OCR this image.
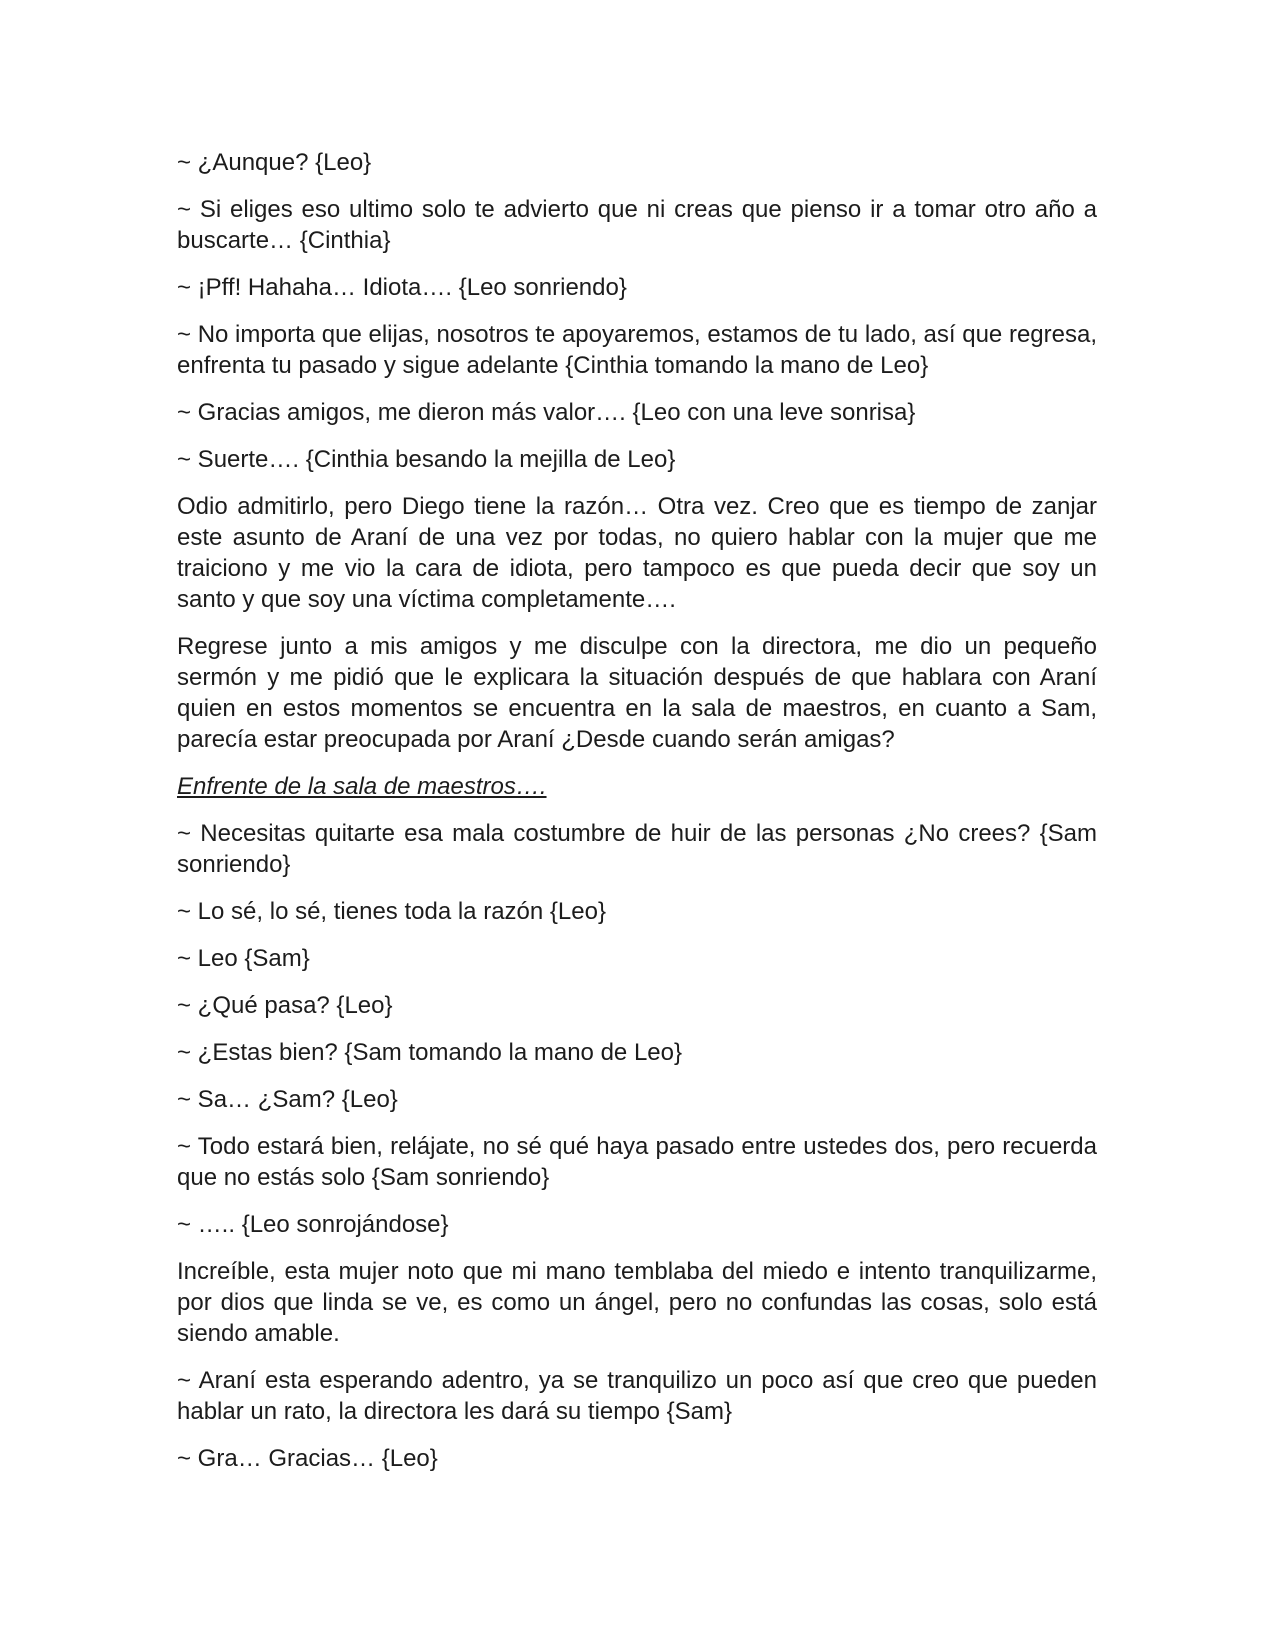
~ ¿Aunque? {Leo}

~ Si eliges eso ultimo solo te advierto que ni creas que pienso ir a tomar otro año a buscarte… {Cinthia}

~ ¡Pff! Hahaha… Idiota…. {Leo sonriendo}

~ No importa que elijas, nosotros te apoyaremos, estamos de tu lado, así que regresa, enfrenta tu pasado y sigue adelante {Cinthia tomando la mano de Leo}

~ Gracias amigos, me dieron más valor…. {Leo con una leve sonrisa}

~ Suerte…. {Cinthia besando la mejilla de Leo}

Odio admitirlo, pero Diego tiene la razón… Otra vez. Creo que es tiempo de zanjar este asunto de Araní de una vez por todas, no quiero hablar con la mujer que me traiciono y me vio la cara de idiota, pero tampoco es que pueda decir que soy un santo y que soy una víctima completamente….

Regrese junto a mis amigos y me disculpe con la directora, me dio un pequeño sermón y me pidió que le explicara la situación después de que hablara con Araní quien en estos momentos se encuentra en la sala de maestros, en cuanto a Sam, parecía estar preocupada por Araní ¿Desde cuando serán amigas?

Enfrente de la sala de maestros….

~ Necesitas quitarte esa mala costumbre de huir de las personas ¿No crees? {Sam sonriendo}

~ Lo sé, lo sé, tienes toda la razón {Leo}

~ Leo {Sam}

~ ¿Qué pasa? {Leo}

~ ¿Estas bien? {Sam tomando la mano de Leo}

~ Sa… ¿Sam? {Leo}

~ Todo estará bien, relájate, no sé qué haya pasado entre ustedes dos, pero recuerda que no estás solo {Sam sonriendo}

~ ….. {Leo sonrojándose}

Increíble, esta mujer noto que mi mano temblaba del miedo e intento tranquilizarme, por dios que linda se ve, es como un ángel, pero no confundas las cosas, solo está siendo amable.

~ Araní esta esperando adentro, ya se tranquilizo un poco así que creo que pueden hablar un rato, la directora les dará su tiempo {Sam}

~ Gra… Gracias… {Leo}
